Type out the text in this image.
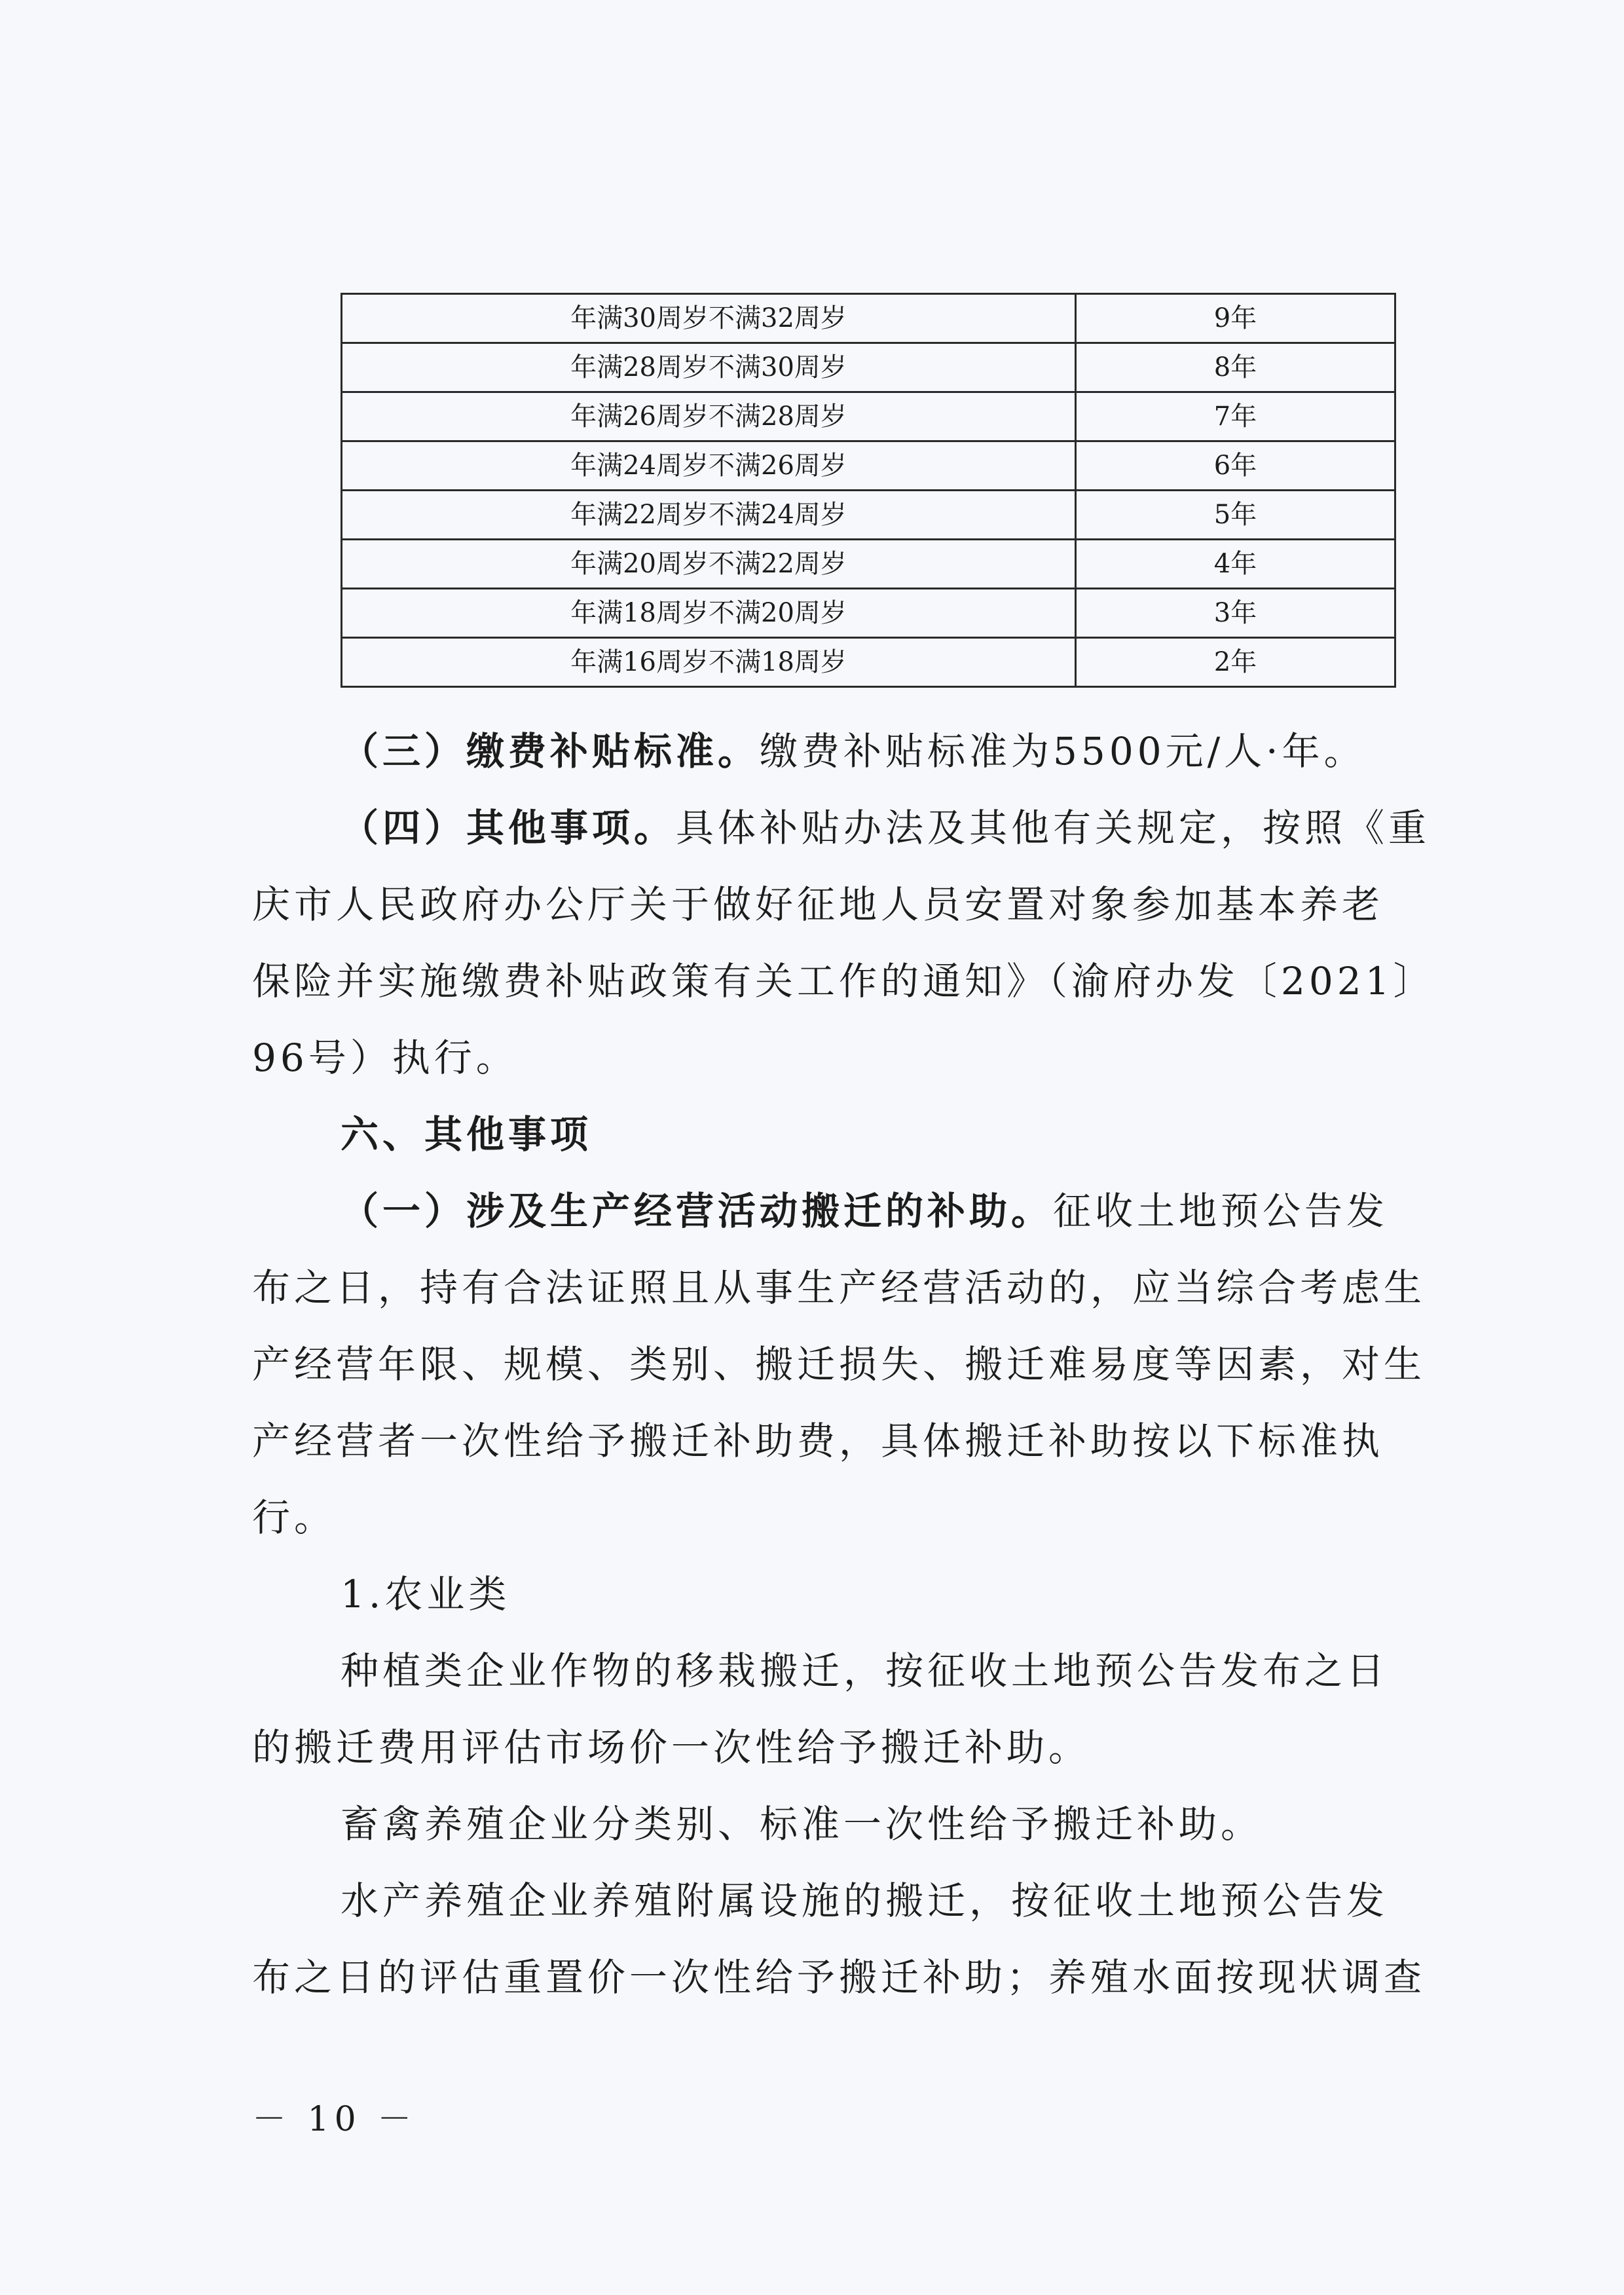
年满30周岁不满32周岁	9年
年满28周岁不满30周岁	8年
年满26周岁不满28周岁	7年
年满24周岁不满26周岁	6年
年满22周岁不满24周岁	5年
年满20周岁不满22周岁	4年
年满18周岁不满20周岁	3年
年满16周岁不满18周岁	2年

（三）缴费补贴标准。缴费补贴标准为5500元/人·年。

（四）其他事项。具体补贴办法及其他有关规定，按照《重

庆市人民政府办公厅关于做好征地人员安置对象参加基本养老

保险并实施缴费补贴政策有关工作的通知》（渝府办发〔2021〕

96号）执行。

六、其他事项

（一）涉及生产经营活动搬迁的补助。征收土地预公告发

布之日，持有合法证照且从事生产经营活动的，应当综合考虑生

产经营年限、规模、类别、搬迁损失、搬迁难易度等因素，对生

产经营者一次性给予搬迁补助费，具体搬迁补助按以下标准执

行。

1.农业类

种植类企业作物的移栽搬迁，按征收土地预公告发布之日

的搬迁费用评估市场价一次性给予搬迁补助。

畜禽养殖企业分类别、标准一次性给予搬迁补助。

水产养殖企业养殖附属设施的搬迁，按征收土地预公告发

布之日的评估重置价一次性给予搬迁补助；养殖水面按现状调查

－ 10 －
